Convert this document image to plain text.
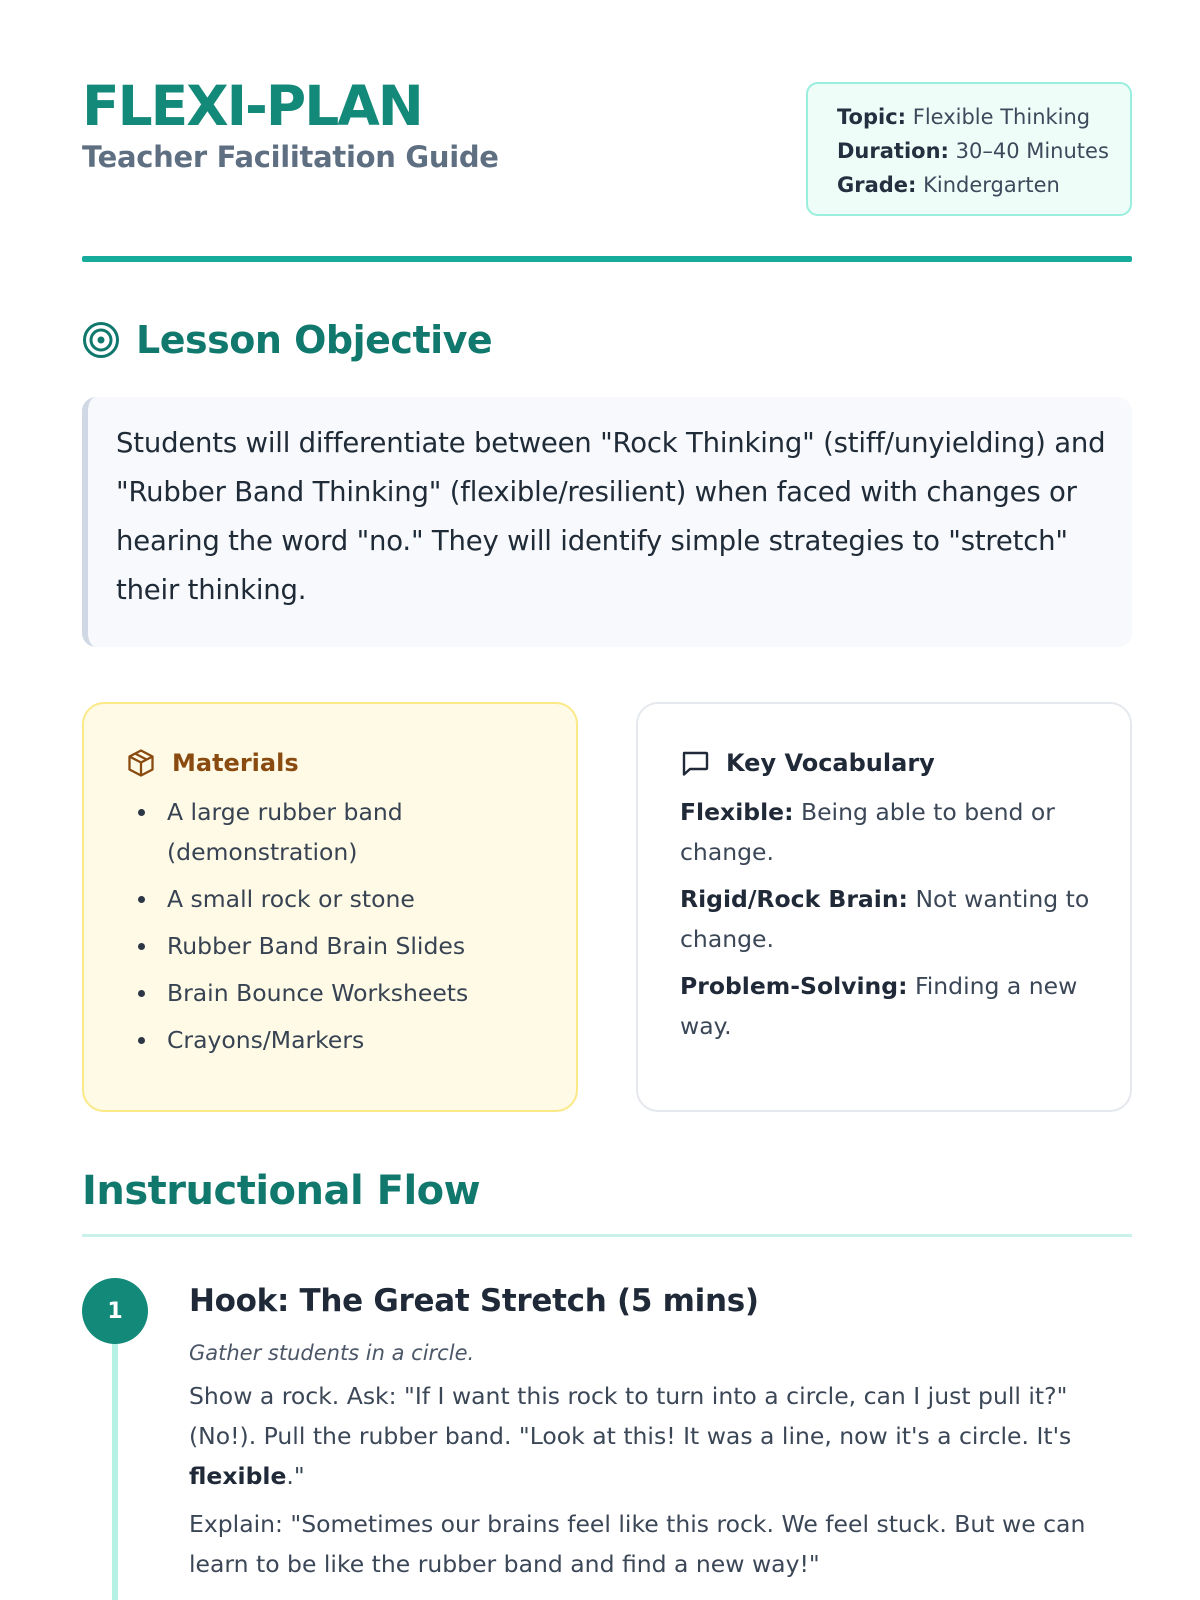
FLEXI-PLAN
Teacher Facilitation Guide
Topic: Flexible Thinking
Duration: 30–40 Minutes
Grade: Kindergarten
Lesson Objective

Students will differentiate between "Rock Thinking" (stiff/unyielding) and "Rubber Band Thinking" (flexible/resilient) when faced with changes or hearing the word "no." They will identify simple strategies to "stretch" their thinking.

Materials
A large rubber band (demonstration)
A small rock or stone
Rubber Band Brain Slides
Brain Bounce Worksheets
Crayons/Markers
Key Vocabulary
Flexible: Being able to bend or change.
Rigid/Rock Brain: Not wanting to change.
Problem-Solving: Finding a new way.
Instructional Flow
1	Hook: The Great Stretch (5 mins)
Gather students in a circle.

Show a rock. Ask: "If I want this rock to turn into a circle, can I just pull it?" (No!). Pull the rubber band. "Look at this! It was a line, now it's a circle. It's flexible."

Explain: "Sometimes our brains feel like this rock. We feel stuck. But we can learn to be like the rubber band and find a new way!"
